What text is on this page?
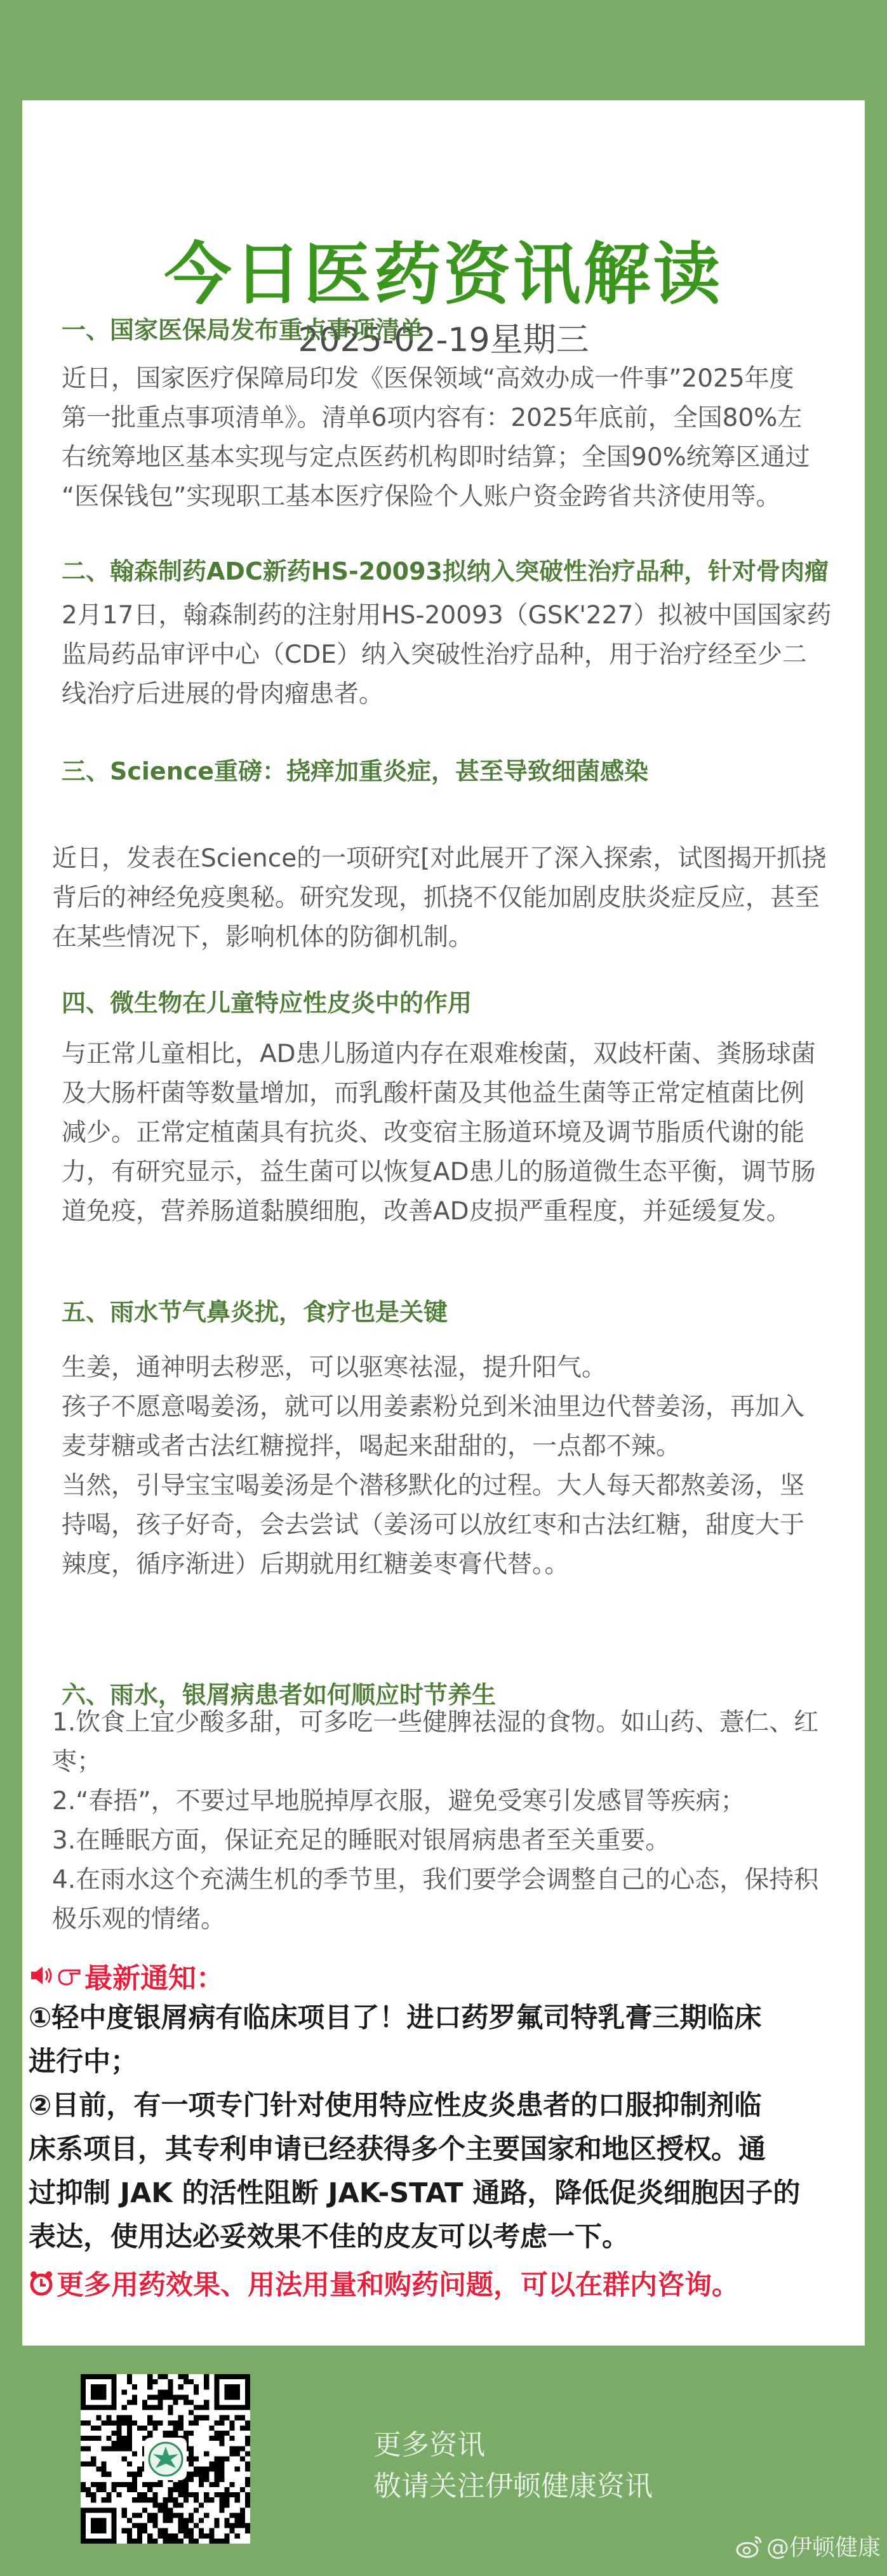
今日医药资讯解读
2025-02-19星期三
一、国家医保局发布重点事项清单
近日，国家医疗保障局印发《医保领域“高效办成一件事”2025年度
第一批重点事项清单》。清单6项内容有：2025年底前，全国80%左
右统筹地区基本实现与定点医药机构即时结算；全国90%统筹区通过
“医保钱包”实现职工基本医疗保险个人账户资金跨省共济使用等。
二、翰森制药ADC新药HS-20093拟纳入突破性治疗品种，针对骨肉瘤
2月17日，翰森制药的注射用HS-20093（GSK'227）拟被中国国家药
监局药品审评中心（CDE）纳入突破性治疗品种，用于治疗经至少二
线治疗后进展的骨肉瘤患者。
三、Science重磅：挠痒加重炎症，甚至导致细菌感染
近日，发表在Science的一项研究[对此展开了深入探索，试图揭开抓挠
背后的神经免疫奥秘。研究发现，抓挠不仅能加剧皮肤炎症反应，甚至
在某些情况下，影响机体的防御机制。
四、微生物在儿童特应性皮炎中的作用
与正常儿童相比，AD患儿肠道内存在艰难梭菌，双歧杆菌、粪肠球菌
及大肠杆菌等数量增加，而乳酸杆菌及其他益生菌等正常定植菌比例
减少。正常定植菌具有抗炎、改变宿主肠道环境及调节脂质代谢的能
力，有研究显示，益生菌可以恢复AD患儿的肠道微生态平衡，调节肠
道免疫，营养肠道黏膜细胞，改善AD皮损严重程度，并延缓复发。
五、雨水节气鼻炎扰，食疗也是关键
生姜，通神明去秽恶，可以驱寒祛湿，提升阳气。
孩子不愿意喝姜汤，就可以用姜素粉兑到米油里边代替姜汤，再加入
麦芽糖或者古法红糖搅拌，喝起来甜甜的，一点都不辣。
当然，引导宝宝喝姜汤是个潜移默化的过程。大人每天都熬姜汤，坚
持喝，孩子好奇，会去尝试（姜汤可以放红枣和古法红糖，甜度大于
辣度，循序渐进）后期就用红糖姜枣膏代替。。
六、雨水，银屑病患者如何顺应时节养生
1.饮食上宜少酸多甜，可多吃一些健脾祛湿的食物。如山药、薏仁、红
枣；
2.“春捂”，不要过早地脱掉厚衣服，避免受寒引发感冒等疾病；
3.在睡眠方面，保证充足的睡眠对银屑病患者至关重要。
4.在雨水这个充满生机的季节里，我们要学会调整自己的心态，保持积
极乐观的情绪。
最新通知：
①轻中度银屑病有临床项目了！进口药罗氟司特乳膏三期临床
进行中；
②目前，有一项专门针对使用特应性皮炎患者的口服抑制剂临
床系项目，其专利申请已经获得多个主要国家和地区授权。通
过抑制 JAK 的活性阻断 JAK-STAT 通路，降低促炎细胞因子的
表达，使用达必妥效果不佳的皮友可以考虑一下。
更多用药效果、用法用量和购药问题，可以在群内咨询。
更多资讯
敬请关注伊顿健康资讯
@伊顿健康
